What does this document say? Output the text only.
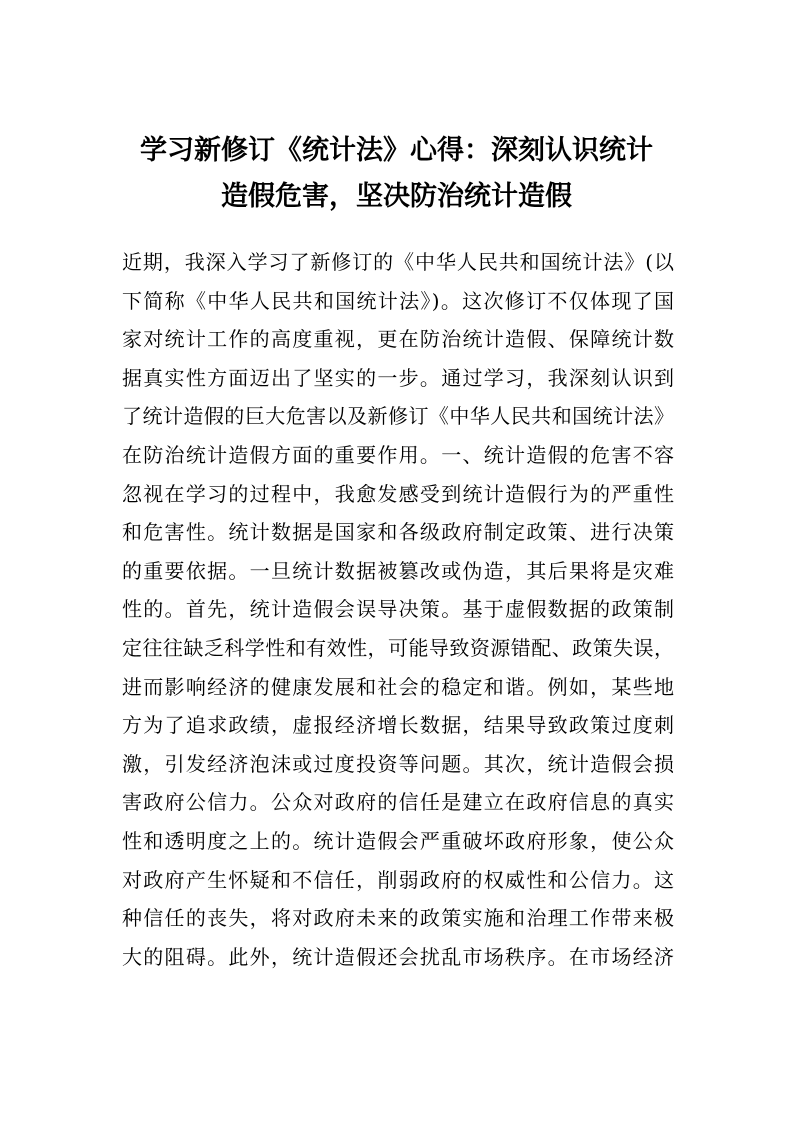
学习新修订《统计法》心得：深刻认识统计
造假危害，坚决防治统计造假
近期，我深入学习了新修订的《中华人民共和国统计法》(以
下简称《中华人民共和国统计法》)。这次修订不仅体现了国
家对统计工作的高度重视，更在防治统计造假、保障统计数
据真实性方面迈出了坚实的一步。通过学习，我深刻认识到
了统计造假的巨大危害以及新修订《中华人民共和国统计法》
在防治统计造假方面的重要作用。一、统计造假的危害不容
忽视在学习的过程中，我愈发感受到统计造假行为的严重性
和危害性。统计数据是国家和各级政府制定政策、进行决策
的重要依据。一旦统计数据被篡改或伪造，其后果将是灾难
性的。首先，统计造假会误导决策。基于虚假数据的政策制
定往往缺乏科学性和有效性，可能导致资源错配、政策失误，
进而影响经济的健康发展和社会的稳定和谐。例如，某些地
方为了追求政绩，虚报经济增长数据，结果导致政策过度刺
激，引发经济泡沫或过度投资等问题。其次，统计造假会损
害政府公信力。公众对政府的信任是建立在政府信息的真实
性和透明度之上的。统计造假会严重破坏政府形象，使公众
对政府产生怀疑和不信任，削弱政府的权威性和公信力。这
种信任的丧失，将对政府未来的政策实施和治理工作带来极
大的阻碍。此外，统计造假还会扰乱市场秩序。在市场经济
